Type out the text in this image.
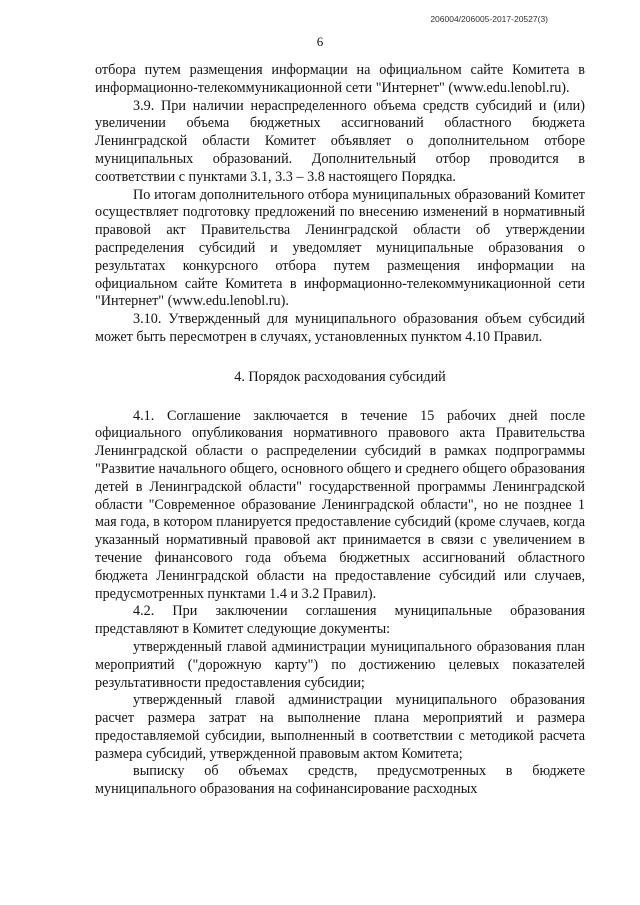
206004/206005-2017-20527(3)
6

отбора путем размещения информации на официальном сайте Комитета в информационно-телекоммуникационной сети "Интернет" (www.edu.lenobl.ru).

3.9. При наличии нераспределенного объема средств субсидий и (или) увеличении объема бюджетных ассигнований областного бюджета Ленинградской области Комитет объявляет о дополнительном отборе муниципальных образований. Дополнительный отбор проводится в соответствии с пунктами 3.1, 3.3 – 3.8 настоящего Порядка.

По итогам дополнительного отбора муниципальных образований Комитет осуществляет подготовку предложений по внесению изменений в нормативный правовой акт Правительства Ленинградской области об утверждении распределения субсидий и уведомляет муниципальные образования о результатах конкурсного отбора путем размещения информации на официальном сайте Комитета в информационно-телекоммуникационной сети "Интернет" (www.edu.lenobl.ru).

3.10. Утвержденный для муниципального образования объем субсидий может быть пересмотрен в случаях, установленных пунктом 4.10 Правил.

4. Порядок расходования субсидий

4.1. Соглашение заключается в течение 15 рабочих дней после официального опубликования нормативного правового акта Правительства Ленинградской области о распределении субсидий в рамках подпрограммы "Развитие начального общего, основного общего и среднего общего образования детей в Ленинградской области" государственной программы Ленинградской области "Современное образование Ленинградской области", но не позднее 1 мая года, в котором планируется предоставление субсидий (кроме случаев, когда указанный нормативный правовой акт принимается в связи с увеличением в течение финансового года объема бюджетных ассигнований областного бюджета Ленинградской области на предоставление субсидий или случаев, предусмотренных пунктами 1.4 и 3.2 Правил).

4.2. При заключении соглашения муниципальные образования представляют в Комитет следующие документы:

утвержденный главой администрации муниципального образования план мероприятий ("дорожную карту") по достижению целевых показателей результативности предоставления субсидии;

утвержденный главой администрации муниципального образования расчет размера затрат на выполнение плана мероприятий и размера предоставляемой субсидии, выполненный в соответствии с методикой расчета размера субсидий, утвержденной правовым актом Комитета;

выписку об объемах средств, предусмотренных в бюджете муниципального образования на софинансирование расходных
